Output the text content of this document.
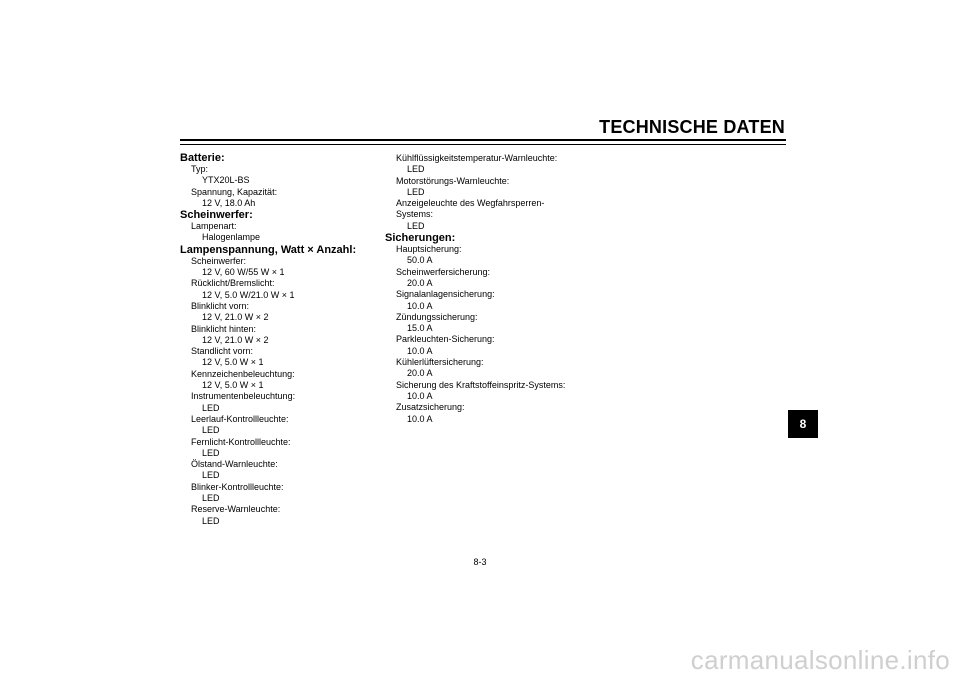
TECHNISCHE DATEN
Batterie:
Typ:
YTX20L-BS
Spannung, Kapazität:
12 V, 18.0 Ah
Scheinwerfer:
Lampenart:
Halogenlampe
Lampenspannung, Watt × Anzahl:
Scheinwerfer:
12 V, 60 W/55 W × 1
Rücklicht/Bremslicht:
12 V, 5.0 W/21.0 W × 1
Blinklicht vorn:
12 V, 21.0 W × 2
Blinklicht hinten:
12 V, 21.0 W × 2
Standlicht vorn:
12 V, 5.0 W × 1
Kennzeichenbeleuchtung:
12 V, 5.0 W × 1
Instrumentenbeleuchtung:
LED
Leerlauf-Kontrollleuchte:
LED
Fernlicht-Kontrollleuchte:
LED
Ölstand-Warnleuchte:
LED
Blinker-Kontrollleuchte:
LED
Reserve-Warnleuchte:
LED
Kühlflüssigkeitstemperatur-Warnleuchte:
LED
Motorstörungs-Warnleuchte:
LED
Anzeigeleuchte des Wegfahrsperren-Systems:
LED
Sicherungen:
Hauptsicherung:
50.0 A
Scheinwerfersicherung:
20.0 A
Signalanlagensicherung:
10.0 A
Zündungssicherung:
15.0 A
Parkleuchten-Sicherung:
10.0 A
Kühlerlüftersicherung:
20.0 A
Sicherung des Kraftstoffeinspritz-Systems:
10.0 A
Zusatzsicherung:
10.0 A	8
8-3
carmanualsonline.info
